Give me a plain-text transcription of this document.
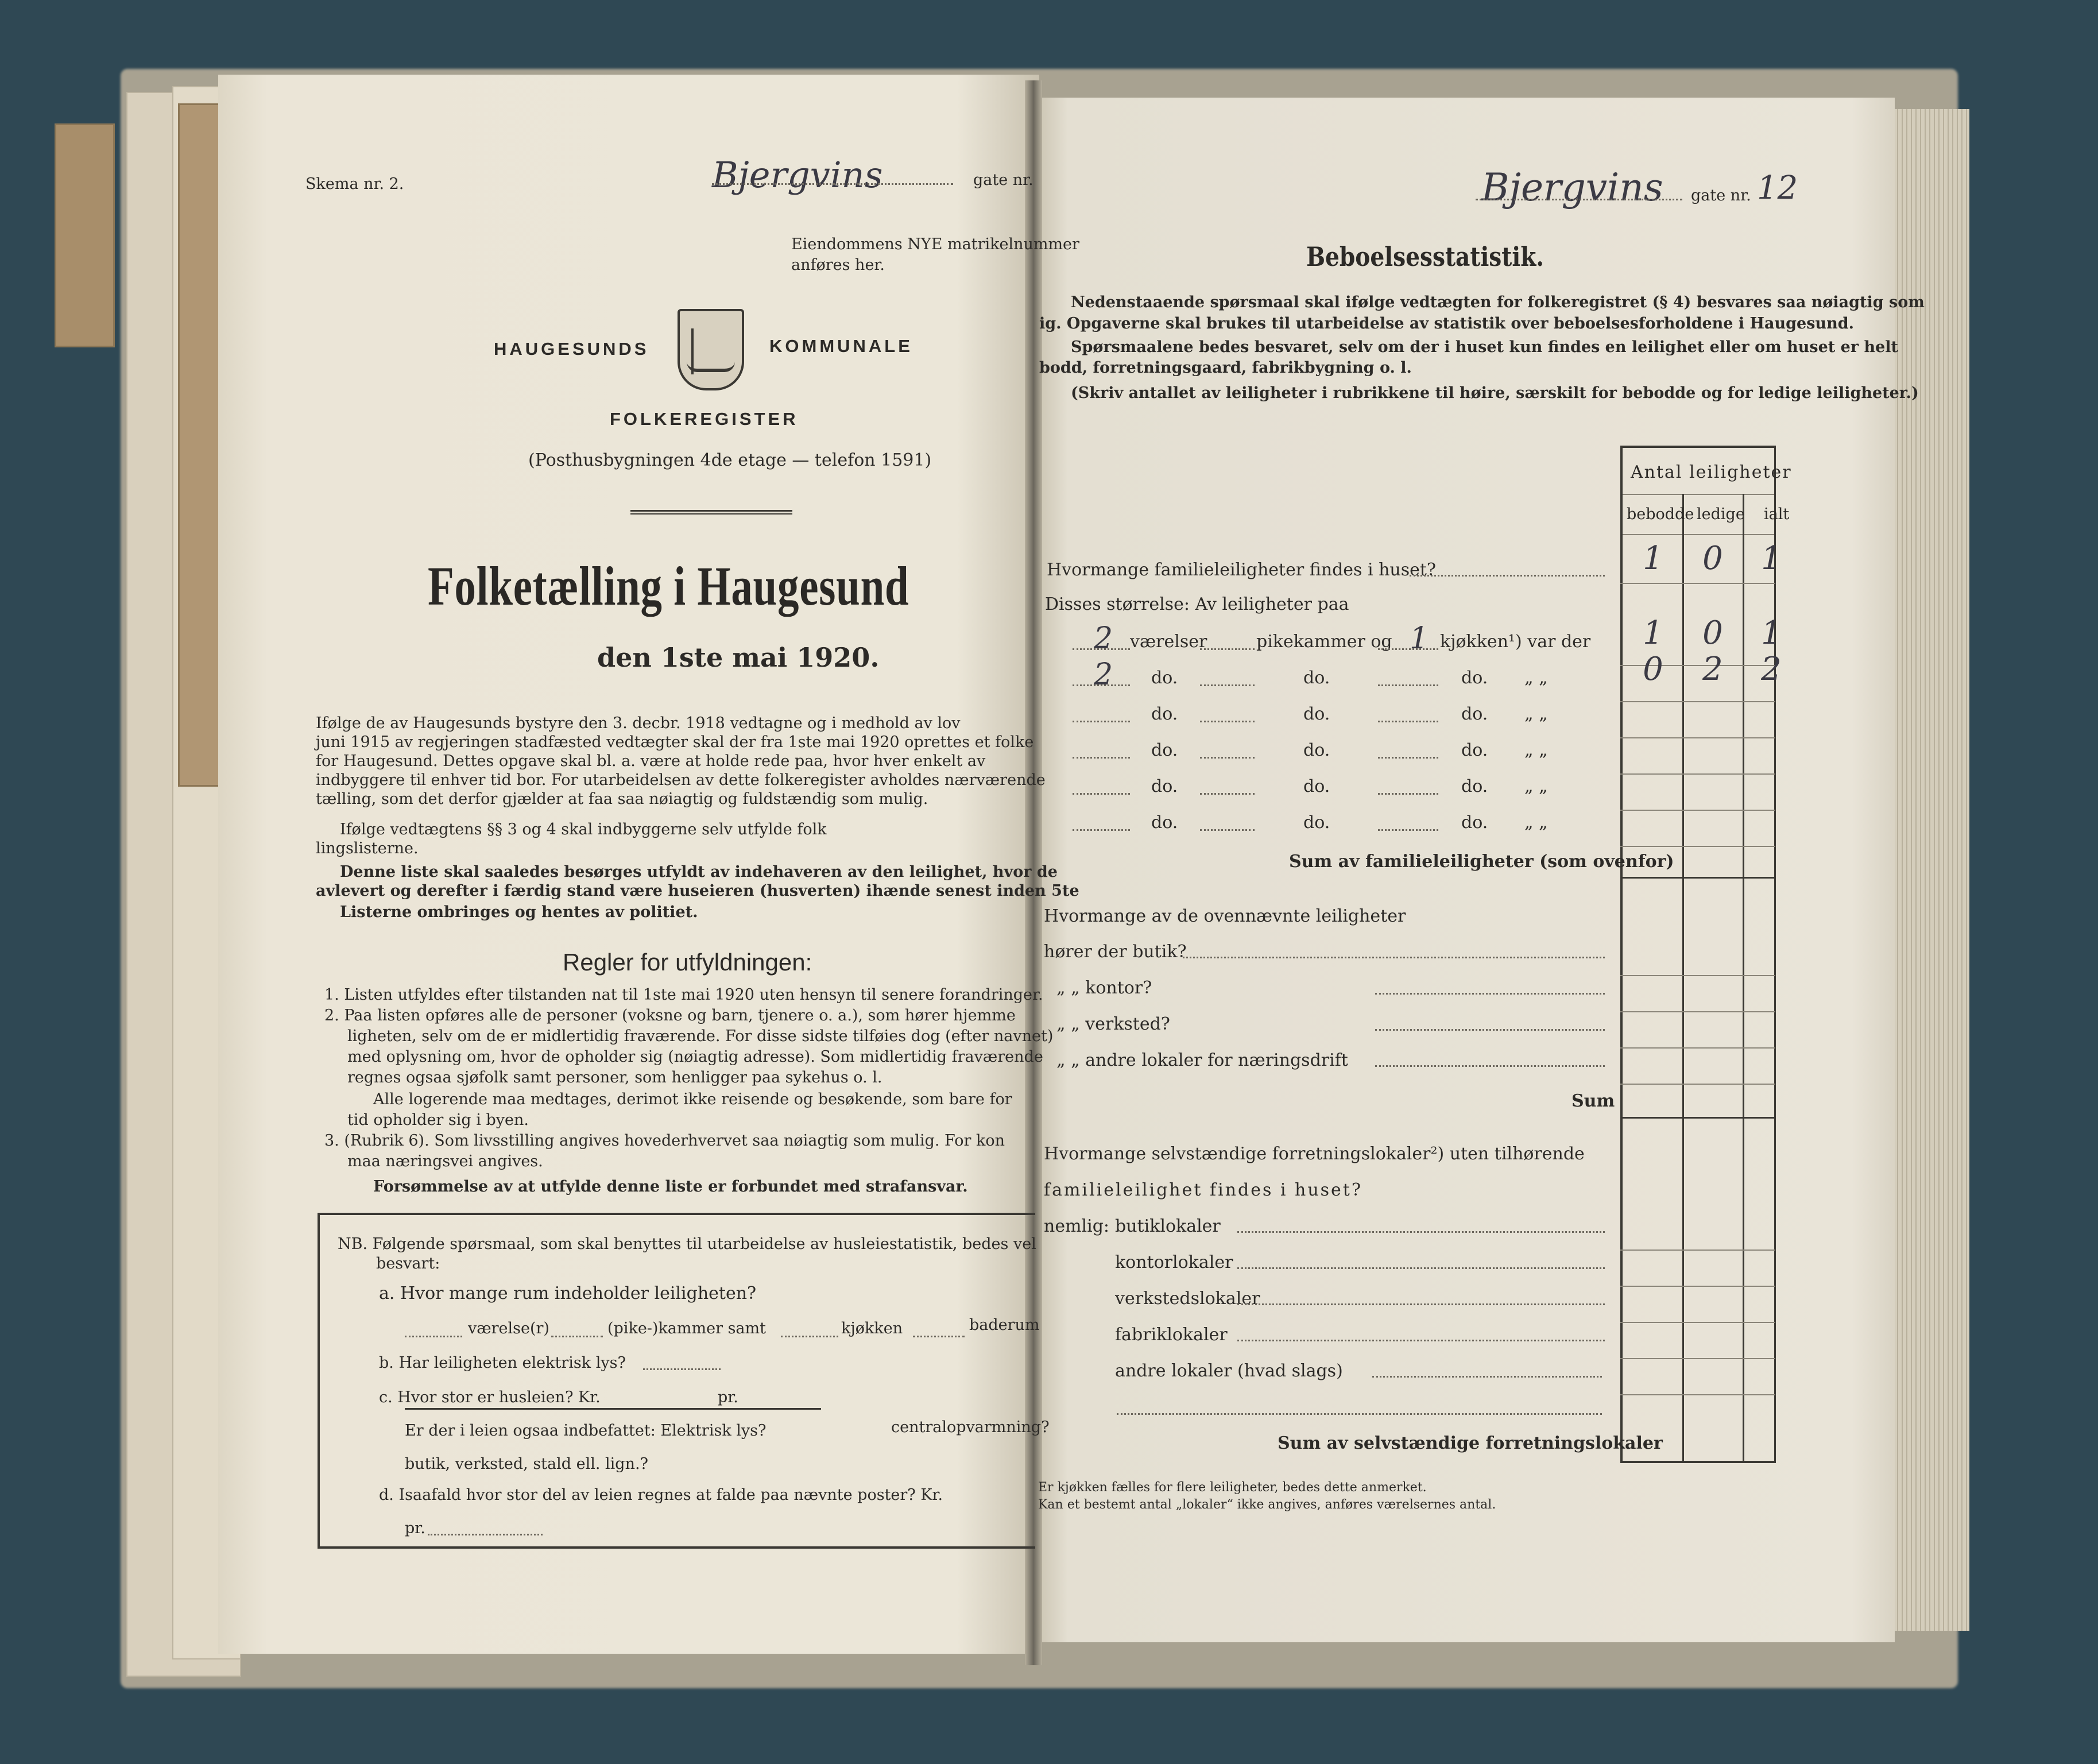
Skema nr. 2.	Bjergvins	gate nr.
Eiendommens NYE matrikelnummer
anføres her.
HAUGESUNDS	KOMMUNALE
FOLKEREGISTER
(Posthusbygningen 4de etage — telefon 1591)
Folketælling i Haugesund
den 1ste mai 1920.
Ifølge de av Haugesunds bystyre den 3. decbr. 1918 vedtagne og i medhold av lov
juni 1915 av regjeringen stadfæsted vedtægter skal der fra 1ste mai 1920 oprettes et folke
for Haugesund. Dettes opgave skal bl. a. være at holde rede paa, hvor hver enkelt av
indbyggere til enhver tid bor. For utarbeidelsen av dette folkeregister avholdes nærværende
tælling, som det derfor gjælder at faa saa nøiagtig og fuldstændig som mulig.
Ifølge vedtægtens §§ 3 og 4 skal indbyggerne selv utfylde folk
lingslisterne.
Denne liste skal saaledes besørges utfyldt av indehaveren av den leilighet, hvor de
avlevert og derefter i færdig stand være huseieren (husverten) ihænde senest inden 5te
Listerne ombringes og hentes av politiet.
Regler for utfyldningen:
1. Listen utfyldes efter tilstanden nat til 1ste mai 1920 uten hensyn til senere forandringer.
2. Paa listen opføres alle de personer (voksne og barn, tjenere o. a.), som hører hjemme
ligheten, selv om de er midlertidig fraværende. For disse sidste tilføies dog (efter navnet)
med oplysning om, hvor de opholder sig (nøiagtig adresse). Som midlertidig fraværende
regnes ogsaa sjøfolk samt personer, som henligger paa sykehus o. l.
Alle logerende maa medtages, derimot ikke reisende og besøkende, som bare for
tid opholder sig i byen.
3. (Rubrik 6). Som livsstilling angives hovederhvervet saa nøiagtig som mulig. For kon
maa næringsvei angives.
Forsømmelse av at utfylde denne liste er forbundet med strafansvar.
NB. Følgende spørsmaal, som skal benyttes til utarbeidelse av husleiestatistik, bedes vel
besvart:
a. Hvor mange rum indeholder leiligheten?
værelse(r)	(pike-)kammer samt	kjøkken	baderum
b. Har leiligheten elektrisk lys?
c. Hvor stor er husleien? Kr.	pr.
Er der i leien ogsaa indbefattet: Elektrisk lys?	centralopvarmning?
butik, verksted, stald ell. lign.?
d. Isaafald hvor stor del av leien regnes at falde paa nævnte poster? Kr.
pr.
Bjergvins gate nr. 12
Beboelsesstatistik.
Nedenstaaende spørsmaal skal ifølge vedtægten for folkeregistret (§ 4) besvares saa nøiagtig som
ig. Opgaverne skal brukes til utarbeidelse av statistik over beboelsesforholdene i Haugesund.
Spørsmaalene bedes besvaret, selv om der i huset kun findes en leilighet eller om huset er helt
bodd, forretningsgaard, fabrikbygning o. l.
(Skriv antallet av leiligheter i rubrikkene til høire, særskilt for bebodde og for ledige leiligheter.)
Antal leiligheter
bebodde ledige ialt
Hvormange familieleiligheter findes i huset?	1	0	1
Disses størrelse: Av leiligheter paa
2 værelser	pikekammer og 1 kjøkken¹) var der	1	0	1
2 do.	do.	do. „ „	0	2	2
do.	do.	do. „ „
do.	do.	do. „ „
do.	do.	do. „ „
do.	do.	do. „ „
Sum av familieleiligheter (som ovenfor)
Hvormange av de ovennævnte leiligheter
hører der butik?
„ „ kontor?
„ „ verksted?
„ „ andre lokaler for næringsdrift
Sum
Hvormange selvstændige forretningslokaler²) uten tilhørende
familieleilighet findes i huset?
nemlig: butiklokaler
kontorlokaler
verkstedslokaler
fabriklokaler
andre lokaler (hvad slags)
Sum av selvstændige forretningslokaler
Er kjøkken fælles for flere leiligheter, bedes dette anmerket.
Kan et bestemt antal „lokaler“ ikke angives, anføres værelsernes antal.
